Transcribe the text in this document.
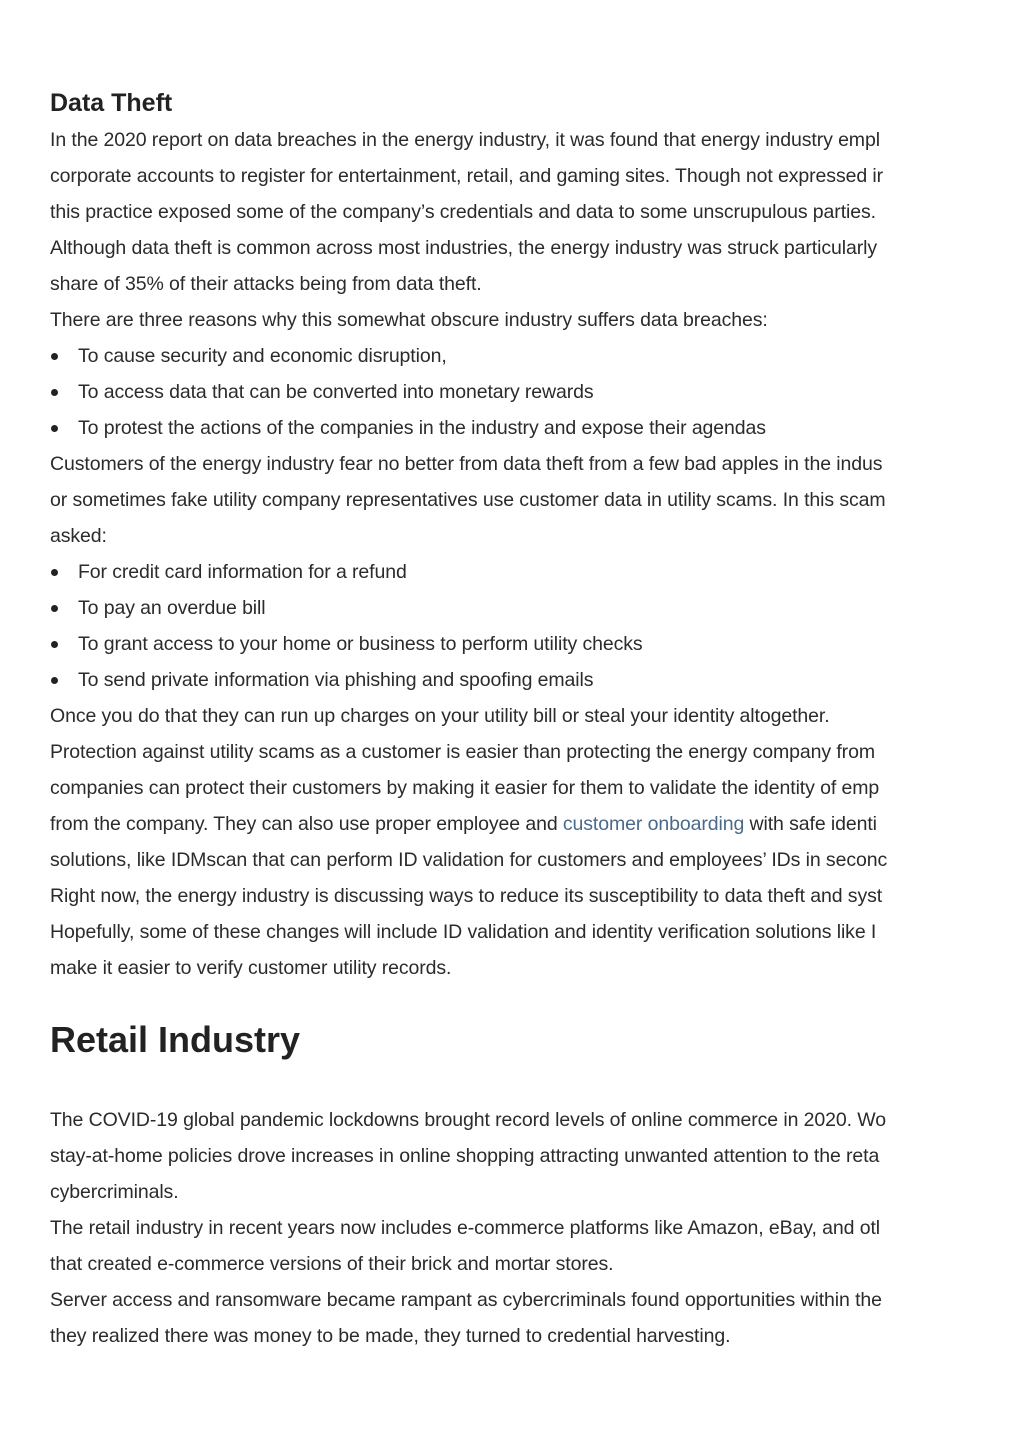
Data Theft
In the 2020 report on data breaches in the energy industry, it was found that energy industry empl
corporate accounts to register for entertainment, retail, and gaming sites. Though not expressed ir
this practice exposed some of the company’s credentials and data to some unscrupulous parties.
Although data theft is common across most industries, the energy industry was struck particularly
share of 35% of their attacks being from data theft.
There are three reasons why this somewhat obscure industry suffers data breaches:
To cause security and economic disruption,
To access data that can be converted into monetary rewards
To protest the actions of the companies in the industry and expose their agendas
Customers of the energy industry fear no better from data theft from a few bad apples in the indus
or sometimes fake utility company representatives use customer data in utility scams. In this scam
asked:
For credit card information for a refund
To pay an overdue bill
To grant access to your home or business to perform utility checks
To send private information via phishing and spoofing emails
Once you do that they can run up charges on your utility bill or steal your identity altogether.
Protection against utility scams as a customer is easier than protecting the energy company from
companies can protect their customers by making it easier for them to validate the identity of emp
from the company. They can also use proper employee and customer onboarding with safe identi
solutions, like IDMscan that can perform ID validation for customers and employees’ IDs in seconc
Right now, the energy industry is discussing ways to reduce its susceptibility to data theft and syst
Hopefully, some of these changes will include ID validation and identity verification solutions like I
make it easier to verify customer utility records.
Retail Industry
The COVID-19 global pandemic lockdowns brought record levels of online commerce in 2020. Wo
stay-at-home policies drove increases in online shopping attracting unwanted attention to the reta
cybercriminals.
The retail industry in recent years now includes e-commerce platforms like Amazon, eBay, and otl
that created e-commerce versions of their brick and mortar stores.
Server access and ransomware became rampant as cybercriminals found opportunities within the
they realized there was money to be made, they turned to credential harvesting.
